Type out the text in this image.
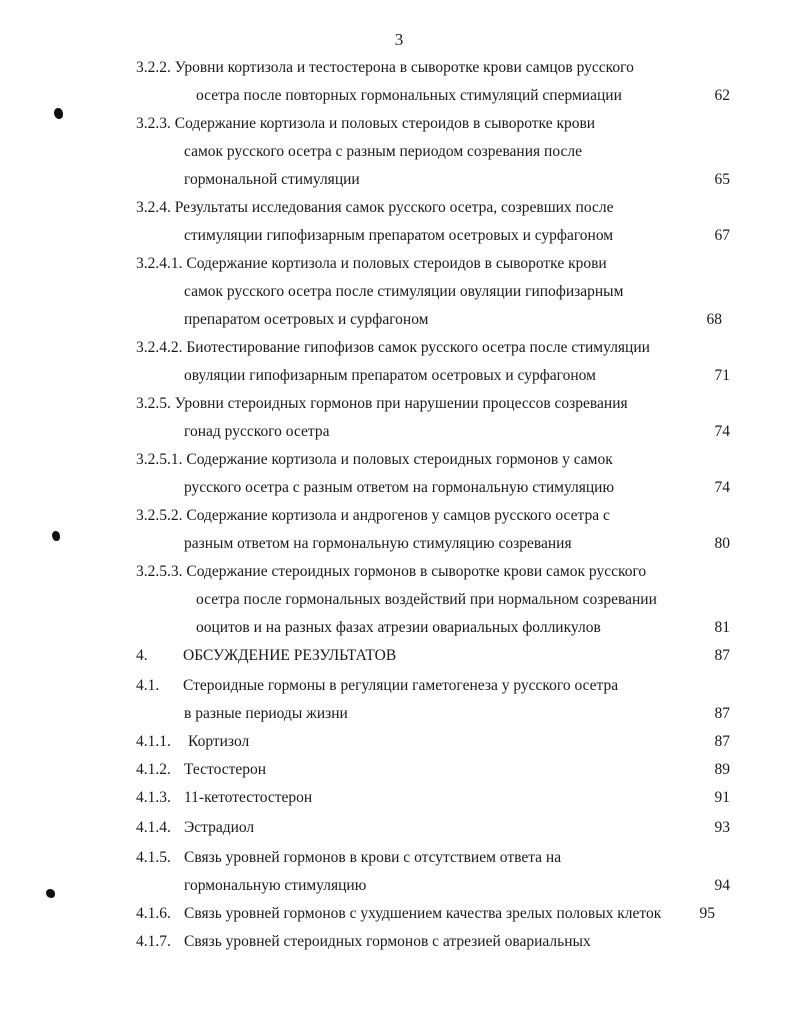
3
3.2.2. Уровни кортизола и тестостерона в сыворотке крови самцов русского
осетра после повторных гормональных стимуляций спермиации	62
3.2.3. Содержание кортизола и половых стероидов в сыворотке крови
самок русского осетра с разным периодом созревания после
гормональной стимуляции	65
3.2.4. Результаты исследования самок русского осетра, созревших после
стимуляции гипофизарным препаратом осетровых и сурфагоном	67
3.2.4.1. Содержание кортизола и половых стероидов в сыворотке крови
самок русского осетра после стимуляции овуляции гипофизарным
препаратом осетровых и сурфагоном	68
3.2.4.2. Биотестирование гипофизов самок русского осетра после стимуляции
овуляции гипофизарным препаратом осетровых и сурфагоном	71
3.2.5. Уровни стероидных гормонов при нарушении процессов созревания
гонад русского осетра	74
3.2.5.1. Содержание кортизола и половых стероидных гормонов у самок
русского осетра с разным ответом на гормональную стимуляцию	74
3.2.5.2. Содержание кортизола и андрогенов у самцов русского осетра с
разным ответом на гормональную стимуляцию созревания	80
3.2.5.3. Содержание стероидных гормонов в сыворотке крови самок русского
осетра после гормональных воздействий при нормальном созревании
ооцитов и на разных фазах атрезии овариальных фолликулов	81
4. ОБСУЖДЕНИЕ РЕЗУЛЬТАТОВ	87
4.1. Стероидные гормоны в регуляции гаметогенеза у русского осетра
в разные периоды жизни	87
4.1.1. Кортизол	87
4.1.2. Тестостерон	89
4.1.3. 11-кетотестостерон	91
4.1.4. Эстрадиол	93
4.1.5. Связь уровней гормонов в крови с отсутствием ответа на
гормональную стимуляцию	94
4.1.6. Связь уровней гормонов с ухудшением качества зрелых половых клеток	95
4.1.7. Связь уровней стероидных гормонов с атрезией овариальных
